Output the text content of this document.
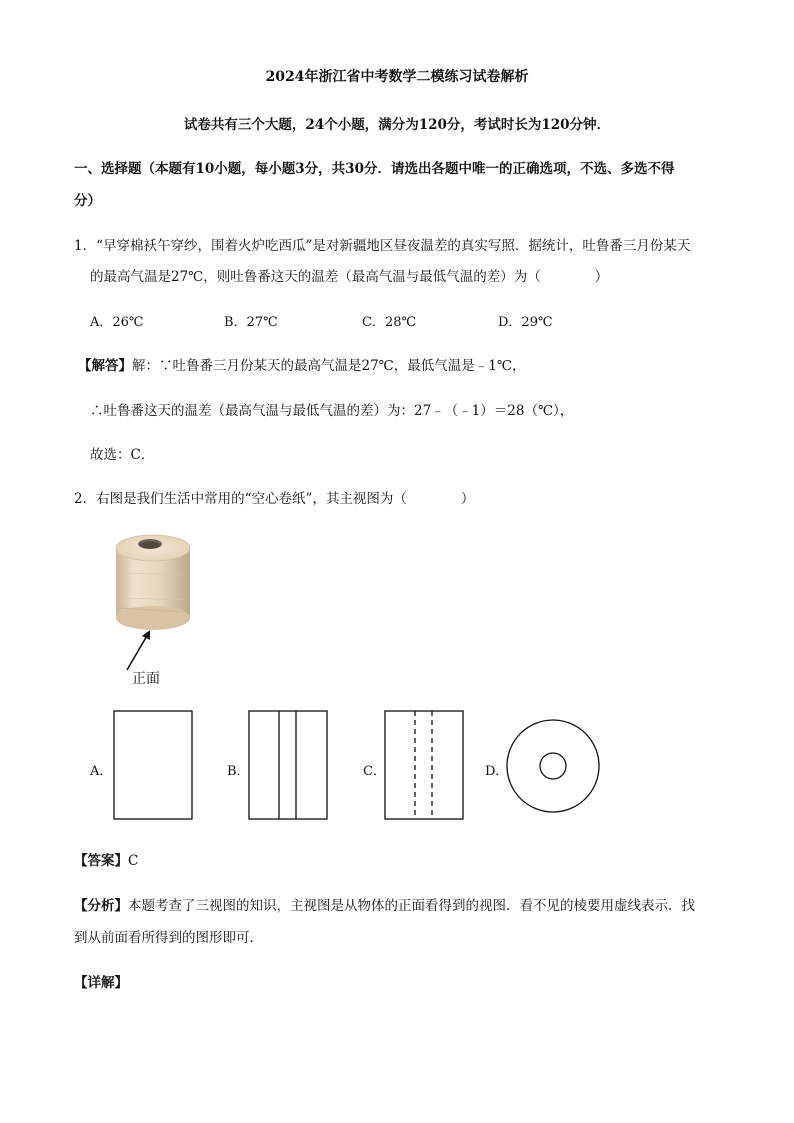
2024年浙江省中考数学二模练习试卷解析
试卷共有三个大题，24个小题，满分为120分，考试时长为120分钟．
一、选择题（本题有10小题，每小题3分，共30分．请选出各题中唯一的正确选项，不选、多选不得
分）
1．“早穿棉袄午穿纱，围着火炉吃西瓜”是对新疆地区昼夜温差的真实写照．据统计，吐鲁番三月份某天
的最高气温是27℃，则吐鲁番这天的温差（最高气温与最低气温的差）为（　　　　）
A．26℃	B．27℃	C．28℃	D．29℃
【解答】解：∵吐鲁番三月份某天的最高气温是27℃，最低气温是﹣1℃，
∴吐鲁番这天的温差（最高气温与最低气温的差）为：27﹣（﹣1）＝28（℃），
故选：C．
2．右图是我们生活中常用的“空心卷纸”，其主视图为（　　　　）
正面
A．	B．	C．	D．
【答案】C
【分析】本题考查了三视图的知识，主视图是从物体的正面看得到的视图．看不见的棱要用虚线表示．找
到从前面看所得到的图形即可．
【详解】
